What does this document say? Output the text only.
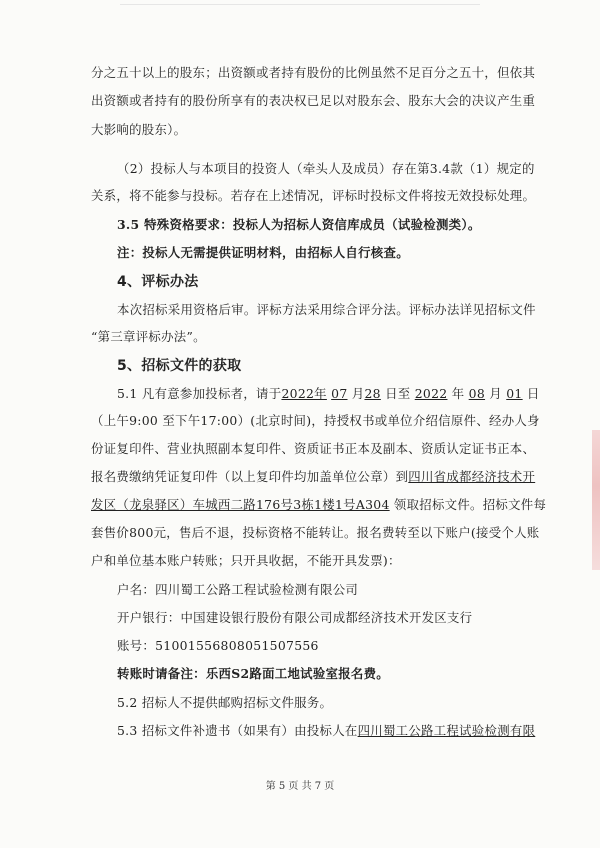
分之五十以上的股东；出资额或者持有股份的比例虽然不足百分之五十，但依其
出资额或者持有的股份所享有的表决权已足以对股东会、股东大会的决议产生重
大影响的股东）。
（2）投标人与本项目的投资人（牵头人及成员）存在第3.4款（1）规定的
关系，将不能参与投标。若存在上述情况，评标时投标文件将按无效投标处理。
3.5 特殊资格要求：投标人为招标人资信库成员（试验检测类）。
注：投标人无需提供证明材料，由招标人自行核查。
4、评标办法
本次招标采用资格后审。评标方法采用综合评分法。评标办法详见招标文件
“第三章评标办法”。
5、招标文件的获取
5.1 凡有意参加投标者，请于2022年 07 月28 日至 2022 年 08 月 01 日
（上午9:00 至下午17:00）(北京时间)，持授权书或单位介绍信原件、经办人身
份证复印件、营业执照副本复印件、资质证书正本及副本、资质认定证书正本、
报名费缴纳凭证复印件（以上复印件均加盖单位公章）到四川省成都经济技术开
发区（龙泉驿区）车城西二路176号3栋1楼1号A304 领取招标文件。招标文件每
套售价800元，售后不退，投标资格不能转让。报名费转至以下账户(接受个人账
户和单位基本账户转账；只开具收据，不能开具发票)：
户名：四川蜀工公路工程试验检测有限公司
开户银行：中国建设银行股份有限公司成都经济技术开发区支行
账号：51001556808051507556
转账时请备注：乐西S2路面工地试验室报名费。
5.2 招标人不提供邮购招标文件服务。
5.3 招标文件补遗书（如果有）由投标人在四川蜀工公路工程试验检测有限
第 5 页 共 7 页
